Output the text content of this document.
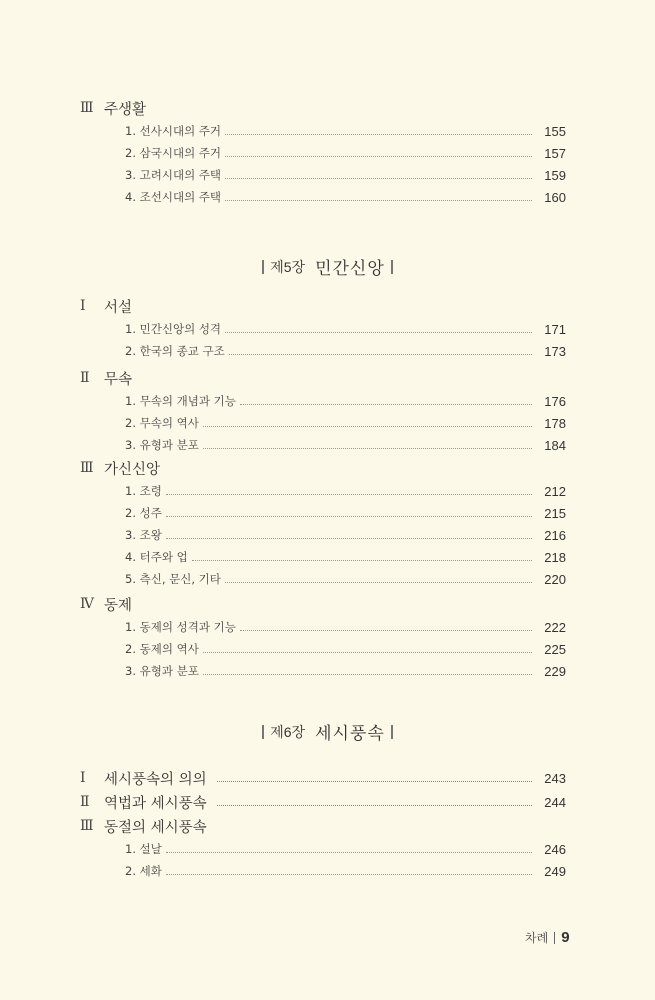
Ⅲ 주생활
1. 선사시대의 주거	155
2. 삼국시대의 주거	157
3. 고려시대의 주택	159
4. 조선시대의 주택	160
제5장 민간신앙
Ⅰ	서설
1. 민간신앙의 성격	171
2. 한국의 종교 구조	173
Ⅱ	무속
1. 무속의 개념과 기능	176
2. 무속의 역사	178
3. 유형과 분포	184
Ⅲ 가신신앙
1. 조령	212
2. 성주	215
3. 조왕	216
4. 터주와 업	218
5. 측신, 문신, 기타	220
Ⅳ 동제
1. 동제의 성격과 기능	222
2. 동제의 역사	225
3. 유형과 분포	229
제6장 세시풍속
Ⅰ	세시풍속의 의의	243
Ⅱ	역법과 세시풍속	244
Ⅲ 동절의 세시풍속
1. 설날	246
2. 세화	249
차례 9
